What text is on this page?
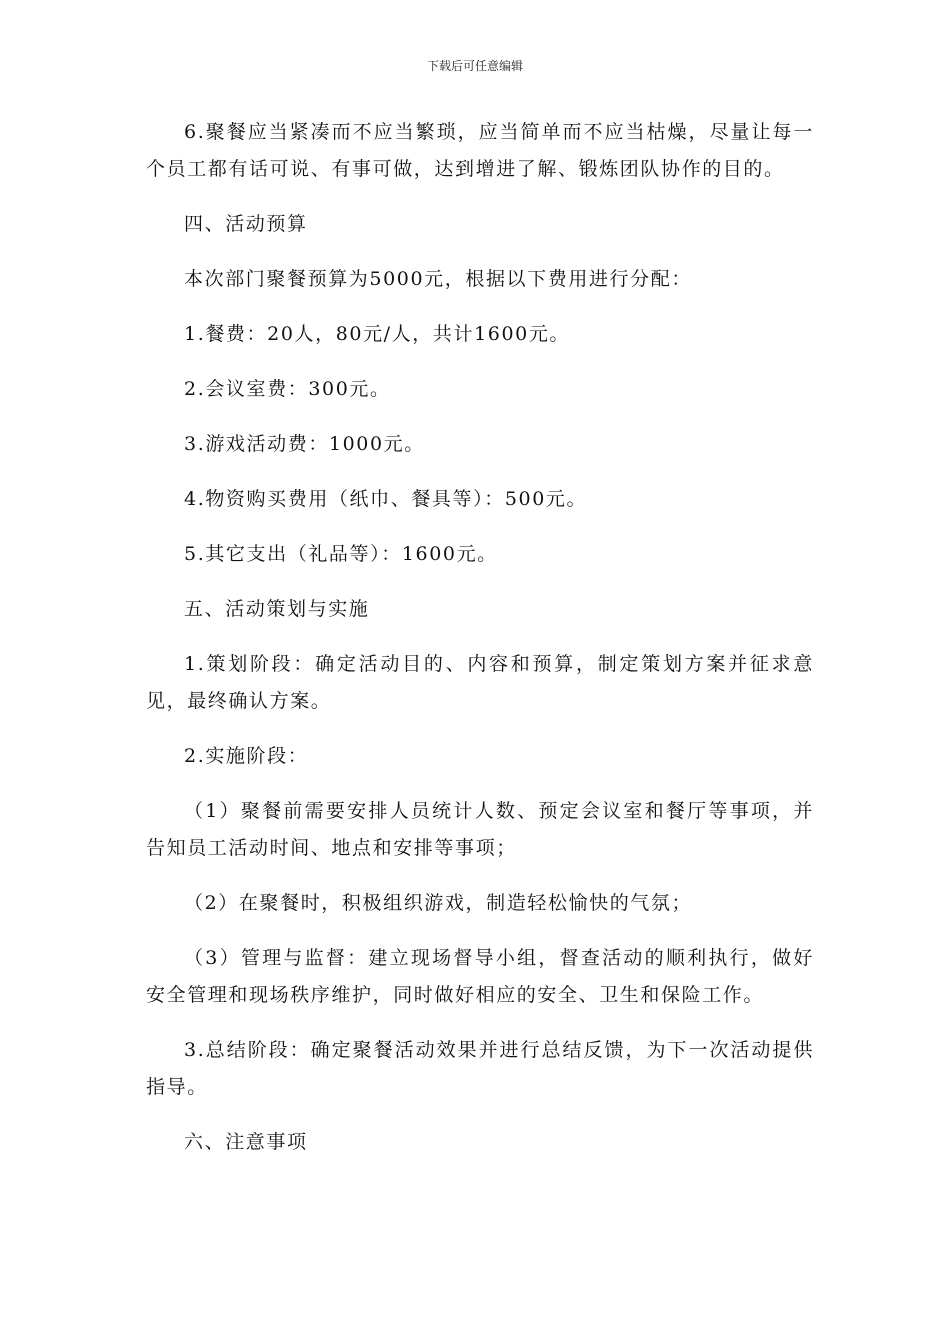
下载后可任意编辑

6.聚餐应当紧凑而不应当繁琐，应当简单而不应当枯燥，尽量让每一个员工都有话可说、有事可做，达到增进了解、锻炼团队协作的目的。

四、活动预算

本次部门聚餐预算为5000元，根据以下费用进行分配：

1.餐费：20人，80元/人，共计1600元。

2.会议室费：300元。

3.游戏活动费：1000元。

4.物资购买费用（纸巾、餐具等）：500元。

5.其它支出（礼品等）：1600元。

五、活动策划与实施

1.策划阶段：确定活动目的、内容和预算，制定策划方案并征求意见，最终确认方案。

2.实施阶段：

（1）聚餐前需要安排人员统计人数、预定会议室和餐厅等事项，并告知员工活动时间、地点和安排等事项；

（2）在聚餐时，积极组织游戏，制造轻松愉快的气氛；

（3）管理与监督：建立现场督导小组，督查活动的顺利执行，做好安全管理和现场秩序维护，同时做好相应的安全、卫生和保险工作。

3.总结阶段：确定聚餐活动效果并进行总结反馈，为下一次活动提供指导。

六、注意事项
